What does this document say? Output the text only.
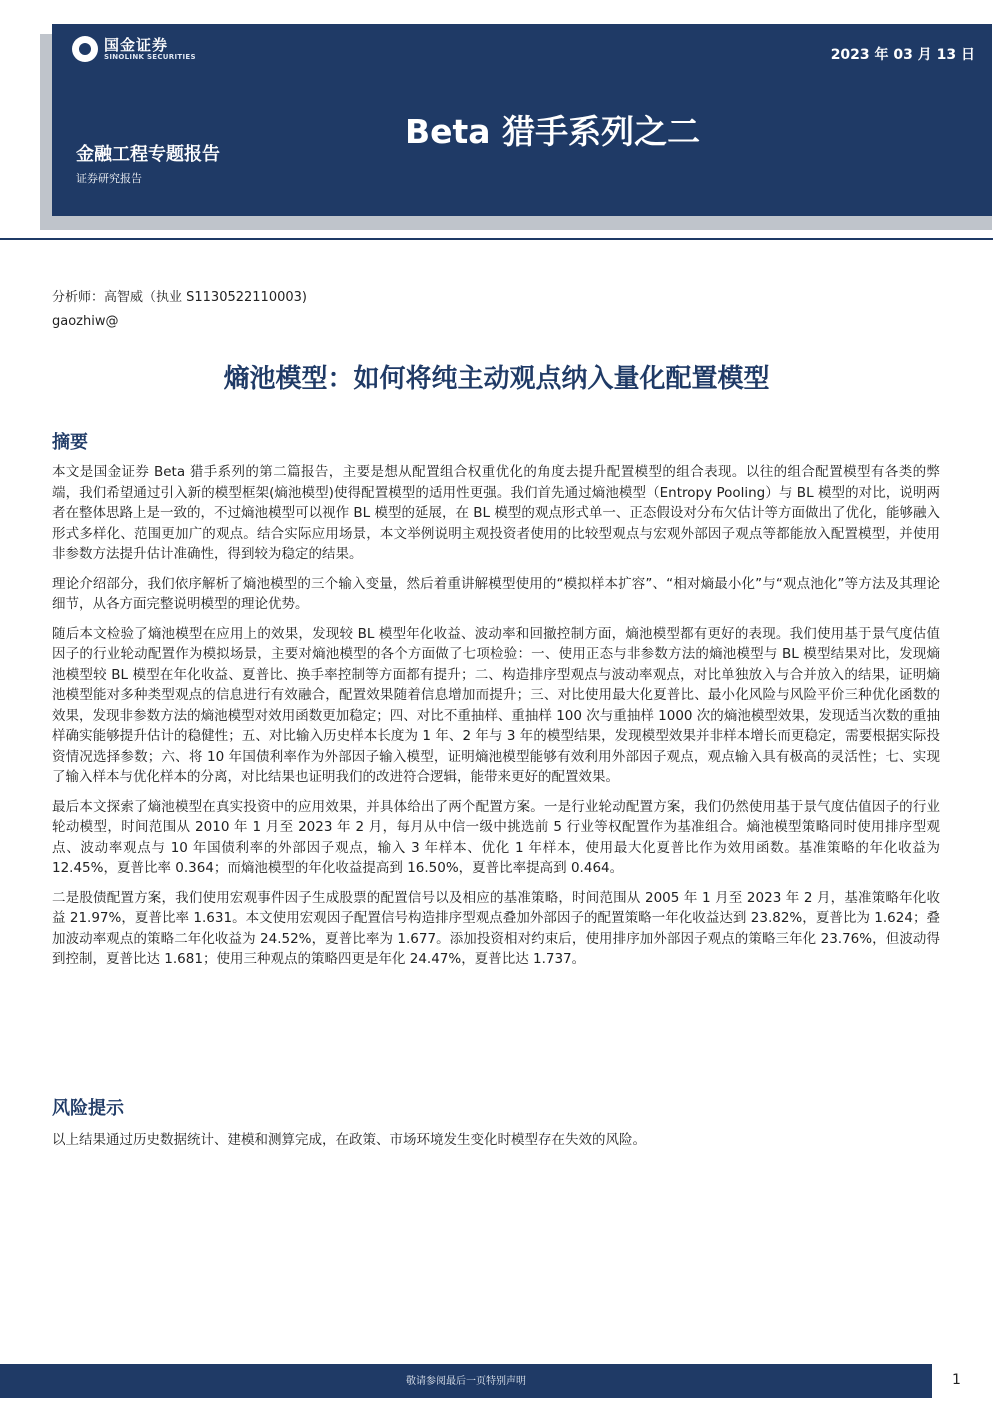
国金证券
SINOLINK SECURITIES	2023 年 03 月 13 日
Beta 猎手系列之二
金融工程专题报告
证券研究报告
分析师：高智威（执业 S1130522110003)
gaozhiw@
熵池模型：如何将纯主动观点纳入量化配置模型
摘要

本文是国金证券 Beta 猎手系列的第二篇报告，主要是想从配置组合权重优化的角度去提升配置模型的组合表现。以往的组合配置模型有各类的弊端，我们希望通过引入新的模型框架(熵池模型)使得配置模型的适用性更强。我们首先通过熵池模型（Entropy Pooling）与 BL 模型的对比，说明两者在整体思路上是一致的，不过熵池模型可以视作 BL 模型的延展，在 BL 模型的观点形式单一、正态假设对分布欠估计等方面做出了优化，能够融入形式多样化、范围更加广的观点。结合实际应用场景，本文举例说明主观投资者使用的比较型观点与宏观外部因子观点等都能放入配置模型，并使用非参数方法提升估计准确性，得到较为稳定的结果。

理论介绍部分，我们依序解析了熵池模型的三个输入变量，然后着重讲解模型使用的“模拟样本扩容”、“相对熵最小化”与“观点池化”等方法及其理论细节，从各方面完整说明模型的理论优势。

随后本文检验了熵池模型在应用上的效果，发现较 BL 模型年化收益、波动率和回撤控制方面，熵池模型都有更好的表现。我们使用基于景气度估值因子的行业轮动配置作为模拟场景，主要对熵池模型的各个方面做了七项检验：一、使用正态与非参数方法的熵池模型与 BL 模型结果对比，发现熵池模型较 BL 模型在年化收益、夏普比、换手率控制等方面都有提升；二、构造排序型观点与波动率观点，对比单独放入与合并放入的结果，证明熵池模型能对多种类型观点的信息进行有效融合，配置效果随着信息增加而提升；三、对比使用最大化夏普比、最小化风险与风险平价三种优化函数的效果，发现非参数方法的熵池模型对效用函数更加稳定；四、对比不重抽样、重抽样 100 次与重抽样 1000 次的熵池模型效果，发现适当次数的重抽样确实能够提升估计的稳健性；五、对比输入历史样本长度为 1 年、2 年与 3 年的模型结果，发现模型效果并非样本增长而更稳定，需要根据实际投资情况选择参数；六、将 10 年国债利率作为外部因子输入模型，证明熵池模型能够有效利用外部因子观点，观点输入具有极高的灵活性；七、实现了输入样本与优化样本的分离，对比结果也证明我们的改进符合逻辑，能带来更好的配置效果。

最后本文探索了熵池模型在真实投资中的应用效果，并具体给出了两个配置方案。一是行业轮动配置方案，我们仍然使用基于景气度估值因子的行业轮动模型，时间范围从 2010 年 1 月至 2023 年 2 月，每月从中信一级中挑选前 5 行业等权配置作为基准组合。熵池模型策略同时使用排序型观点、波动率观点与 10 年国债利率的外部因子观点，输入 3 年样本、优化 1 年样本，使用最大化夏普比作为效用函数。基准策略的年化收益为 12.45%，夏普比率 0.364；而熵池模型的年化收益提高到 16.50%，夏普比率提高到 0.464。

二是股债配置方案，我们使用宏观事件因子生成股票的配置信号以及相应的基准策略，时间范围从 2005 年 1 月至 2023 年 2 月，基准策略年化收益 21.97%，夏普比率 1.631。本文使用宏观因子配置信号构造排序型观点叠加外部因子的配置策略一年化收益达到 23.82%，夏普比为 1.624；叠加波动率观点的策略二年化收益为 24.52%，夏普比率为 1.677。添加投资相对约束后，使用排序加外部因子观点的策略三年化 23.76%，但波动得到控制，夏普比达 1.681；使用三种观点的策略四更是年化 24.47%，夏普比达 1.737。

风险提示

以上结果通过历史数据统计、建模和测算完成，在政策、市场环境发生变化时模型存在失效的风险。

敬请参阅最后一页特别声明	1
